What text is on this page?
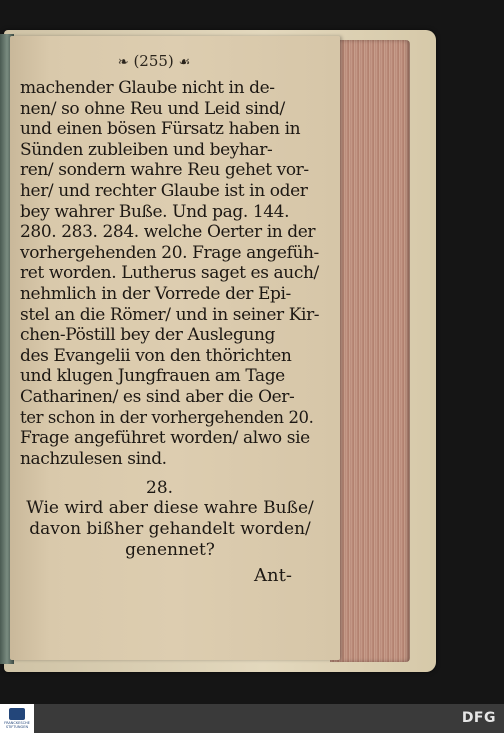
❧ (255) ☙
machender Glaube nicht in de-
nen/ so ohne Reu und Leid sind/
und einen bösen Fürsatz haben in
Sünden zubleiben und beyhar-
ren/ sondern wahre Reu gehet vor-
her/ und rechter Glaube ist in oder
bey wahrer Buße. Und pag. 144.
280. 283. 284. welche Oerter in der
vorhergehenden 20. Frage angefüh-
ret worden. Lutherus saget es auch/
nehmlich in der Vorrede der Epi-
stel an die Römer/ und in seiner Kir-
chen-Pöstill bey der Auslegung
des Evangelii von den thörichten
und klugen Jungfrauen am Tage
Catharinen/ es sind aber die Oer-
ter schon in der vorhergehenden 20.
Frage angeführet worden/ alwo sie
nachzulesen sind.
28.
Wie wird aber diese wahre Buße/
davon bißher gehandelt worden/
genennet?
Ant-
FRANCKESCHE STIFTUNGEN
DFG
